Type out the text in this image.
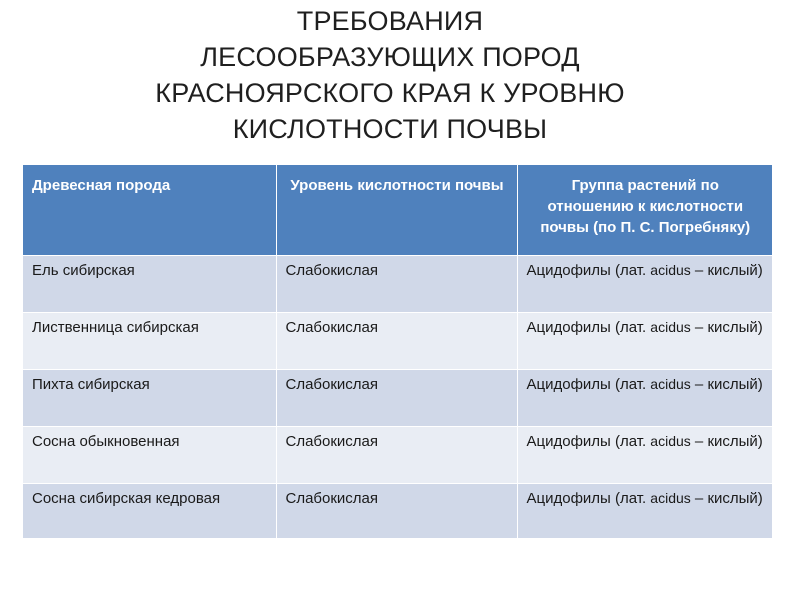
ТРЕБОВАНИЯ
ЛЕСООБРАЗУЮЩИХ ПОРОД
КРАСНОЯРСКОГО КРАЯ К УРОВНЮ
КИСЛОТНОСТИ ПОЧВЫ
Древесная порода	Уровень кислотности почвы	Группа растений по отношению к кислотности почвы (по П. С. Погребняку)
Ель сибирская	Слабокислая	Ацидофилы (лат. acidus – кислый)
Лиственница сибирская	Слабокислая	Ацидофилы (лат. acidus – кислый)
Пихта сибирская	Слабокислая	Ацидофилы (лат. acidus – кислый)
Сосна обыкновенная	Слабокислая	Ацидофилы (лат. acidus – кислый)
Сосна сибирская кедровая	Слабокислая	Ацидофилы (лат. acidus – кислый)
